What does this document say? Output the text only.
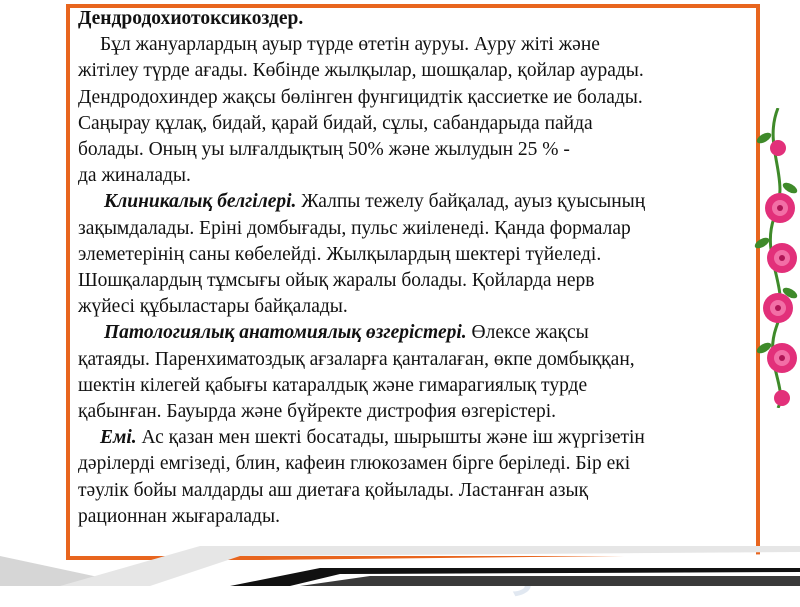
Дендродохиотоксикоздер.

Бұл жануарлардың ауыр түрде өтетін ауруы. Ауру жіті және

жітілеу түрде ағады. Көбінде жылқылар, шошқалар, қойлар аурады.

Дендродохиндер жақсы бөлінген фунгицидтік қассиетке ие болады.

Саңырау құлақ, бидай, қарай бидай, сұлы, сабандарыда пайда

болады. Оның уы ылғалдықтың 50% және жылудын 25 % -

да жиналады.

Клиникалық белгілері. Жалпы тежелу байқалад, ауыз қуысының

зақымдалады. Еріні домбығады, пульс жиіленеді. Қанда формалар

элеметерінің саны көбелейді. Жылқылардың шектері түйеледі.

Шошқалардың тұмсығы ойық жаралы болады. Қойларда нерв

жүйесі құбыластары байқалады.

Патологиялық анатомиялық өзгерістері. Өлексе жақсы

қатаяды. Паренхиматоздық ағзаларға қанталаған, өкпе домбыққан,

шектін кілегей қабығы катаралдық және гимарагиялық турде

қабынған. Бауырда және бүйректе дистрофия өзгерістері.

Емі. Ас қазан мен шекті босатады, шырышты және іш жүргізетін

дәрілерді емгізеді, блин, кафеин глюкозамен бірге беріледі. Бір екі

тәулік бойы малдарды аш диетаға қойылады. Ластанған азық

рационнан жығаралады.
